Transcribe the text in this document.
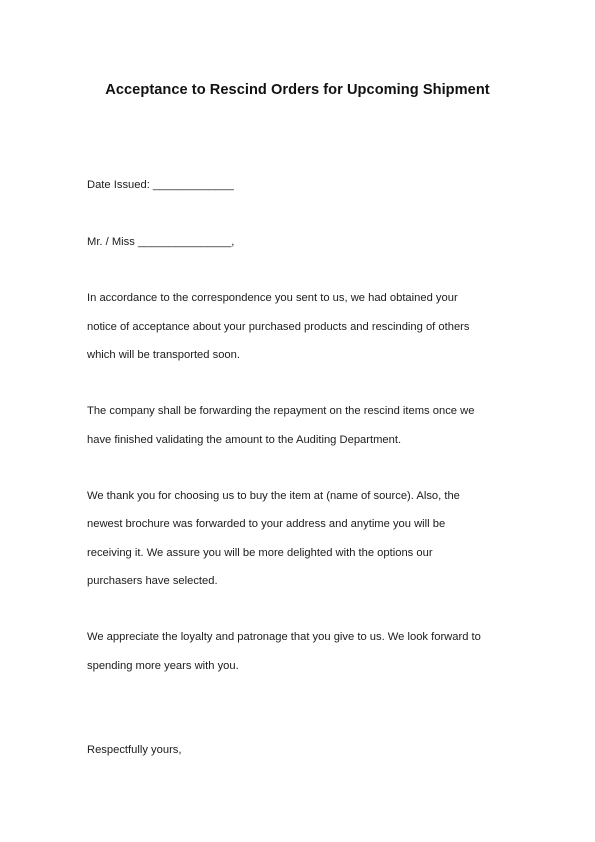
Acceptance to Rescind Orders for Upcoming Shipment
Date Issued: _____________
Mr. / Miss _______________,
In accordance to the correspondence you sent to us, we had obtained your
notice of acceptance about your purchased products and rescinding of others
which will be transported soon.
The company shall be forwarding the repayment on the rescind items once we
have finished validating the amount to the Auditing Department.
We thank you for choosing us to buy the item at (name of source). Also, the
newest brochure was forwarded to your address and anytime you will be
receiving it. We assure you will be more delighted with the options our
purchasers have selected.
We appreciate the loyalty and patronage that you give to us. We look forward to
spending more years with you.
Respectfully yours,
